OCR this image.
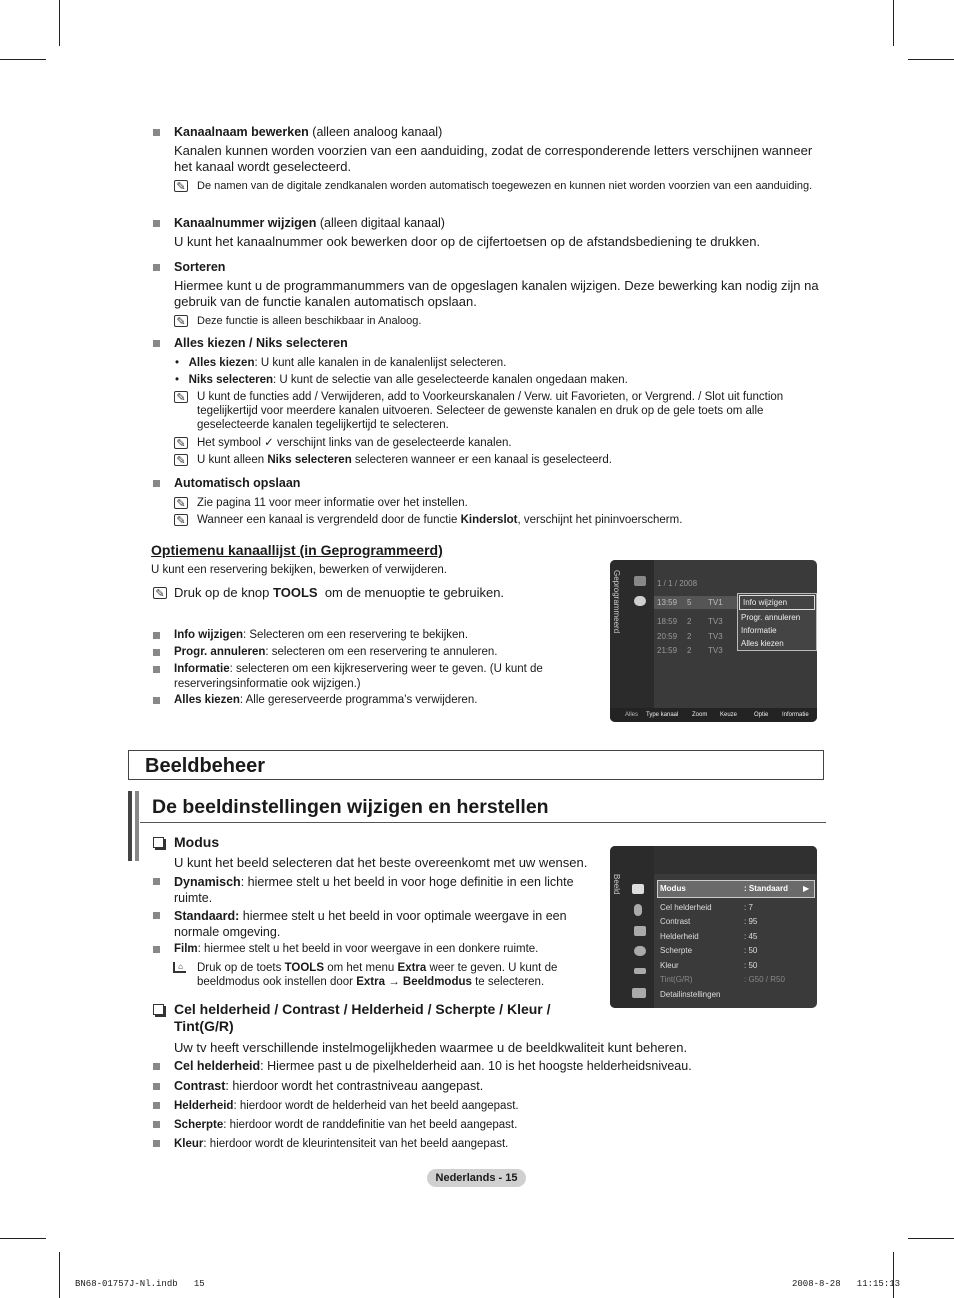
Kanaalnaam bewerken (alleen analoog kanaal)
Kanalen kunnen worden voorzien van een aanduiding, zodat de corresponderende letters verschijnen wanneer het kanaal wordt geselecteerd.
✎ De namen van de digitale zendkanalen worden automatisch toegewezen en kunnen niet worden voorzien van een aanduiding.
Kanaalnummer wijzigen (alleen digitaal kanaal)
U kunt het kanaalnummer ook bewerken door op de cijfertoetsen op de afstandsbediening te drukken.
Sorteren
Hiermee kunt u de programmanummers van de opgeslagen kanalen wijzigen. Deze bewerking kan nodig zijn na gebruik van de functie kanalen automatisch opslaan.
✎ Deze functie is alleen beschikbaar in Analoog.
Alles kiezen / Niks selecteren
•   Alles kiezen: U kunt alle kanalen in de kanalenlijst selecteren.
•   Niks selecteren: U kunt de selectie van alle geselecteerde kanalen ongedaan maken.
✎ U kunt de functies add / Verwijderen, add to Voorkeurskanalen / Verw. uit Favorieten, or Vergrend. / Slot uit function tegelijkertijd voor meerdere kanalen uitvoeren. Selecteer de gewenste kanalen en druk op de gele toets om alle geselecteerde kanalen tegelijkertijd te selecteren.
✎ Het symbool ✓ verschijnt links van de geselecteerde kanalen.
✎ U kunt alleen Niks selecteren selecteren wanneer er een kanaal is geselecteerd.
Automatisch opslaan
✎ Zie pagina 11 voor meer informatie over het instellen.
✎ Wanneer een kanaal is vergrendeld door de functie Kinderslot, verschijnt het pininvoerscherm.
Optiemenu kanaallijst (in Geprogrammeerd)
U kunt een reservering bekijken, bewerken of verwijderen.
✎ Druk op de knop TOOLS om de menuoptie te gebruiken.
Info wijzigen: Selecteren om een reservering te bekijken.
Progr. annuleren: selecteren om een reservering te annuleren.
Informatie: selecteren om een kijkreservering weer te geven. (U kunt de reserveringsinformatie ook wijzigen.)
Alles kiezen: Alle gereserveerde programma’s verwijderen.
Geprogrammeerd	1 / 1 / 2008
13:59 5 TV1
18:59 2 TV3
20:59 2 TV3
21:59 2 TV3
Info wijzigen
Progr. annuleren
Informatie
Alles kiezen
Alles Type kanaal Zoom Keuze	Optie Informatie
Beeldbeheer
De beeldinstellingen wijzigen en herstellen
Modus
U kunt het beeld selecteren dat het beste overeenkomt met uw wensen.
Dynamisch: hiermee stelt u het beeld in voor hoge definitie in een lichte ruimte.
Standaard: hiermee stelt u het beeld in voor optimale weergave in een normale omgeving.
Film: hiermee stelt u het beeld in voor weergave in een donkere ruimte.
⌂ Druk op de toets TOOLS om het menu Extra weer te geven. U kunt de beeldmodus ook instellen door Extra → Beeldmodus te selecteren.
Beeld	Modus	: Standaard ▶
Cel helderheid	: 7
Contrast	: 95
Helderheid	: 45
Scherpte	: 50
Kleur	: 50
Tint(G/R)	: G50 / R50
Detailinstellingen
Cel helderheid / Contrast / Helderheid / Scherpte / Kleur / Tint(G/R)
Uw tv heeft verschillende instelmogelijkheden waarmee u de beeldkwaliteit kunt beheren.
Cel helderheid: Hiermee past u de pixelhelderheid aan. 10 is het hoogste helderheidsniveau.
Contrast: hierdoor wordt het contrastniveau aangepast.
Helderheid: hierdoor wordt de helderheid van het beeld aangepast.
Scherpte: hierdoor wordt de randdefinitie van het beeld aangepast.
Kleur: hierdoor wordt de kleurintensiteit van het beeld aangepast.
Nederlands - 15
BN68-01757J-Nl.indb   15	2008-8-28   11:15:13
